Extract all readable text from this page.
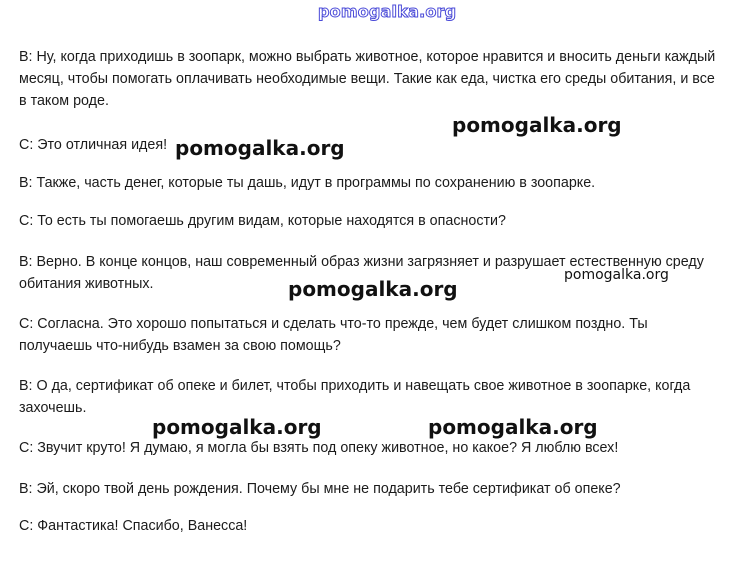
pomogalka.org
В: Ну, когда приходишь в зоопарк, можно выбрать животное, которое нравится и вносить деньги каждый месяц, чтобы помогать оплачивать необходимые вещи. Такие как еда, чистка его среды обитания, и все в таком роде.
С: Это отличная идея!
В: Также, часть денег, которые ты дашь, идут в программы по сохранению в зоопарке.
С: То есть ты помогаешь другим видам, которые находятся в опасности?
В: Верно. В конце концов, наш современный образ жизни загрязняет и разрушает естественную среду обитания животных.
С: Согласна. Это хорошо попытаться и сделать что-то прежде, чем будет слишком поздно. Ты получаешь что-нибудь взамен за свою помощь?
В: О да, сертификат об опеке и билет, чтобы приходить и навещать свое животное в зоопарке, когда захочешь.
С: Звучит круто! Я думаю, я могла бы взять под опеку животное, но какое? Я люблю всех!
В: Эй, скоро твой день рождения. Почему бы мне не подарить тебе сертификат об опеке?
С: Фантастика! Спасибо, Ванесса!
pomogalka.org
pomogalka.org
pomogalka.org
pomogalka.org
pomogalka.org	pomogalka.org
